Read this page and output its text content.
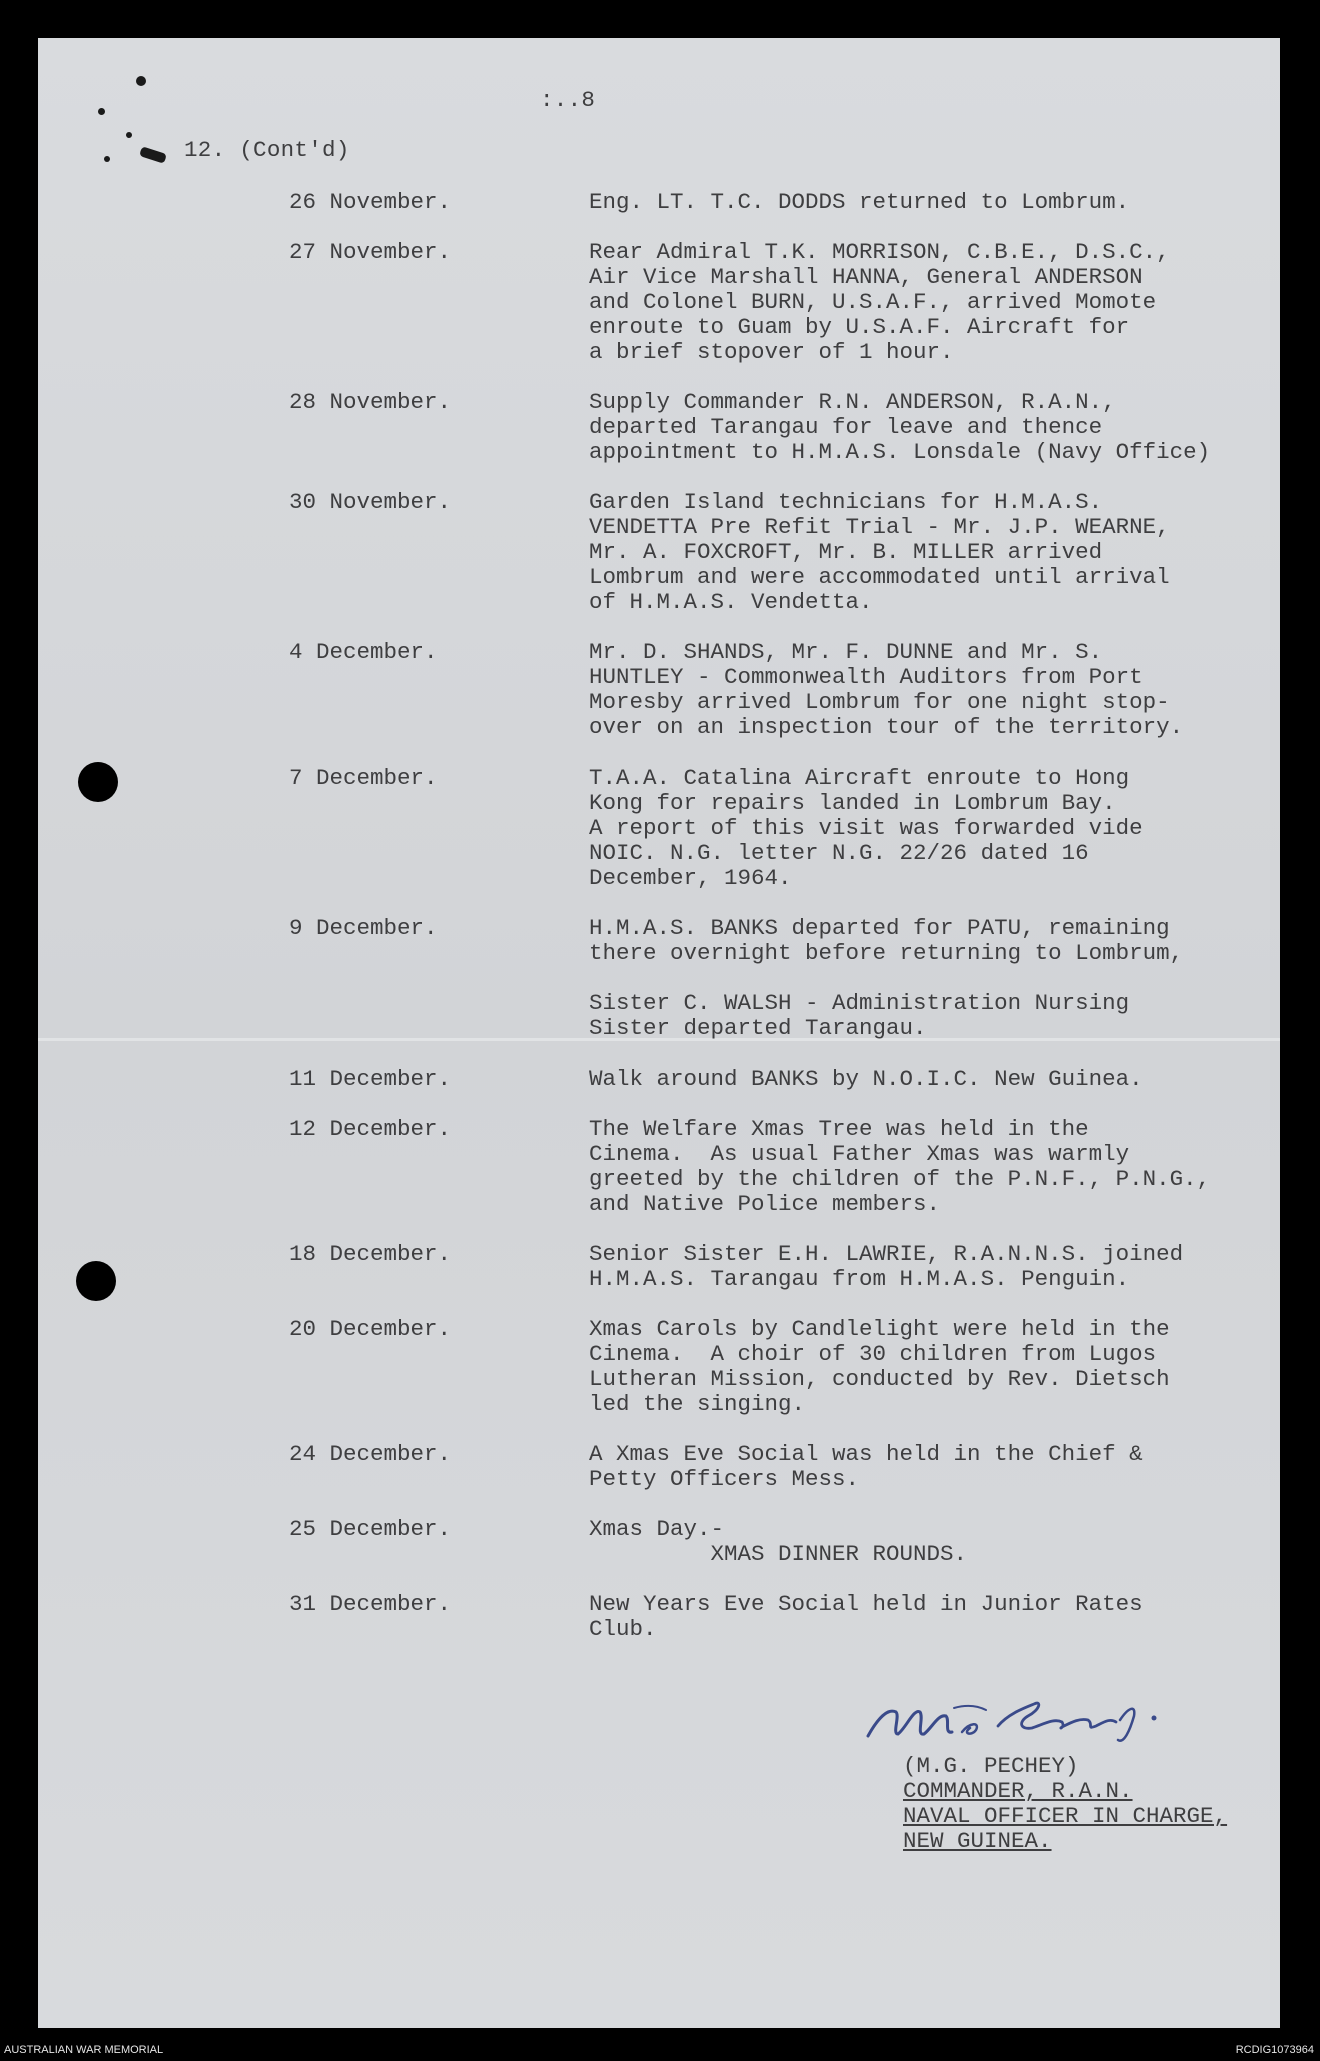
:..8
12. (Cont'd)
26 November.	Eng. LT. T.C. DODDS returned to Lombrum.
27 November.	Rear Admiral T.K. MORRISON, C.B.E., D.S.C.,
Air Vice Marshall HANNA, General ANDERSON
and Colonel BURN, U.S.A.F., arrived Momote
enroute to Guam by U.S.A.F. Aircraft for
a brief stopover of 1 hour.
28 November.	Supply Commander R.N. ANDERSON, R.A.N.,
departed Tarangau for leave and thence
appointment to H.M.A.S. Lonsdale (Navy Office)
30 November.	Garden Island technicians for H.M.A.S.
VENDETTA Pre Refit Trial - Mr. J.P. WEARNE,
Mr. A. FOXCROFT, Mr. B. MILLER arrived
Lombrum and were accommodated until arrival
of H.M.A.S. Vendetta.
4 December.	Mr. D. SHANDS, Mr. F. DUNNE and Mr. S.
HUNTLEY - Commonwealth Auditors from Port
Moresby arrived Lombrum for one night stop-
over on an inspection tour of the territory.
7 December.	T.A.A. Catalina Aircraft enroute to Hong
Kong for repairs landed in Lombrum Bay.
A report of this visit was forwarded vide
NOIC. N.G. letter N.G. 22/26 dated 16
December, 1964.
9 December.	H.M.A.S. BANKS departed for PATU, remaining
there overnight before returning to Lombrum,
Sister C. WALSH - Administration Nursing
Sister departed Tarangau.
11 December.	Walk around BANKS by N.O.I.C. New Guinea.
12 December.	The Welfare Xmas Tree was held in the
Cinema.  As usual Father Xmas was warmly
greeted by the children of the P.N.F., P.N.G.,
and Native Police members.
18 December.	Senior Sister E.H. LAWRIE, R.A.N.N.S. joined
H.M.A.S. Tarangau from H.M.A.S. Penguin.
20 December.	Xmas Carols by Candlelight were held in the
Cinema.  A choir of 30 children from Lugos
Lutheran Mission, conducted by Rev. Dietsch
led the singing.
24 December.	A Xmas Eve Social was held in the Chief &
Petty Officers Mess.
25 December.	Xmas Day.-
XMAS DINNER ROUNDS.
31 December.	New Years Eve Social held in Junior Rates
Club.
(M.G. PECHEY)
COMMANDER, R.A.N.
NAVAL OFFICER IN CHARGE,
NEW GUINEA.
AUSTRALIAN WAR MEMORIAL	RCDIG1073964
